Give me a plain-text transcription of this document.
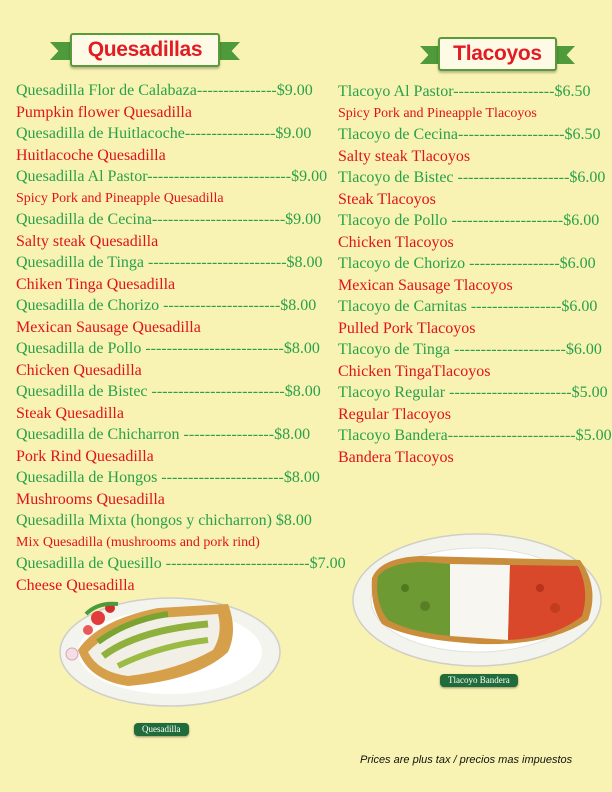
Quesadillas	Tlacoyos
Quesadilla Flor de Calabaza---------------$9.00
Pumpkin flower Quesadilla
Quesadilla de Huitlacoche-----------------$9.00
Huitlacoche Quesadilla
Quesadilla Al Pastor---------------------------$9.00
Spicy Pork and Pineapple Quesadilla
Quesadilla de Cecina-------------------------$9.00
Salty steak Quesadilla
Quesadilla de Tinga --------------------------$8.00
Chiken Tinga Quesadilla
Quesadilla de Chorizo ----------------------$8.00
Mexican Sausage Quesadilla
Quesadilla de Pollo --------------------------$8.00
Chicken Quesadilla
Quesadilla de Bistec -------------------------$8.00
Steak Quesadilla
Quesadilla de Chicharron -----------------$8.00
Pork Rind Quesadilla
Quesadilla de Hongos -----------------------$8.00
Mushrooms Quesadilla
Quesadilla Mixta (hongos y chicharron) $8.00
Mix Quesadilla (mushrooms and pork rind)
Quesadilla de Quesillo ---------------------------$7.00
Cheese Quesadilla
Tlacoyo Al Pastor-------------------$6.50
Spicy Pork and Pineapple Tlacoyos
Tlacoyo de Cecina--------------------$6.50
Salty steak Tlacoyos
Tlacoyo de Bistec ---------------------$6.00
Steak Tlacoyos
Tlacoyo de Pollo ---------------------$6.00
Chicken Tlacoyos
Tlacoyo de Chorizo -----------------$6.00
Mexican Sausage Tlacoyos
Tlacoyo de Carnitas -----------------$6.00
Pulled Pork Tlacoyos
Tlacoyo de Tinga ---------------------$6.00
Chicken TingaTlacoyos
Tlacoyo Regular -----------------------$5.00
Regular Tlacoyos
Tlacoyo Bandera------------------------$5.00
Bandera Tlacoyos
Tlacoyo Bandera
Quesadilla
Prices are plus tax / precios mas impuestos
